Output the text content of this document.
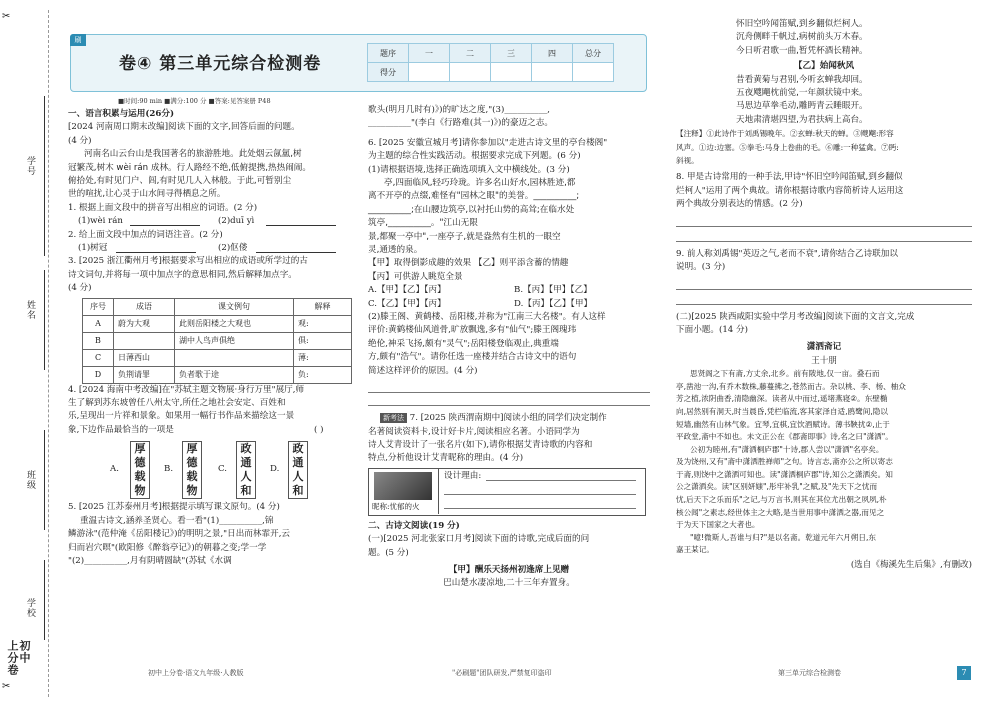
✂
✂
学号
姓名
班级
学校
初中
上分卷
刷
卷④ 第三单元综合检测卷
题序	一	二	三	四	总分
得分					
■时间:90 min ■满分:100 分 ■答案:见答案册 P48
一、语言积累与运用(26分)
[2024 河南周口期末改编]阅读下面的文字,回答后面的问题。
(4 分)
河南名山云台山是我国著名的旅游胜地。此处烟云氤氲,树
冠繁茂,树木 wèi rán 成林。行人路经不绝,低俯提携,热热闹闹。
俯拾处,有时见门户、闾,有时见几人入林般。于此,可暂别尘
世的喧扰,让心灵于山水间寻得栖息之所。
1. 根据上面文段中的拼音写出相应的词语。(2 分)
(1)wèi rán	(2)duī yì
2. 给上面文段中加点的词语注音。(2 分)
(1)树冠	(2)伛偻
3. [2025 浙江衢州月考]根据要求写出相应的成语或所学过的古
诗文词句,并将每一项中加点字的意思相同,然后解释加点字。
(4 分)
序号	成语	课文例句	解释
A	蔚为大观	此则岳阳楼之大观也	观:
B		湖中人鸟声俱绝	俱:
C	日薄西山		薄:
D	负荆请罪	负者歌于途	负:
4. [2024 海南中考改编]在"苏轼主题文物展·身行万里"展厅,师
生了解到苏东坡曾任八州太守,所任之地社会安定、百姓和
乐,呈现出一片祥和景象。如果用一幅行书作品来描绘这一景
象,下边作品最恰当的一项是	( )
A.
厚德载物
B.
厚德载物
C.
政通人和
D.
政通人和
5. [2025 江苏泰州月考]根据提示填写课文原句。(4 分)
重温古诗文,涵养圣贤心。看一看"(1)__________,锦
鳞游泳"(范仲淹《岳阳楼记》)的明明之景,"日出而林霏开,云
归而岩穴暝"(欧阳修《醉翁亭记》)的朝暮之变;学一学
"(2)__________,月有阴晴圆缺"(苏轼《水调
歌头(明月几时有)》)的旷达之度,"(3)__________,
__________"(李白《行路难(其一)》)的豪迈之志。
6. [2025 安徽宣城月考]请你参加以"走进古诗文里的亭台楼阁"
为主题的综合性实践活动。根据要求完成下列题。(6 分)
(1)请根据语境,选择正确选项填入文中横线处。(3 分)
亭,四面临风,轻巧玲珑。许多名山好水,园林胜迹,都
离不开亭的点缀,难怪有"园林之眼"的美誉。__________;
__________;在山腰边筑亭,以衬托山势的高耸;在临水处
筑亭,__________。"江山无限
景,都聚一亭中",一座亭子,就是盎然有生机的一眼空
灵,通透的泉。
【甲】取得倒影成趣的效果 【乙】则平添含蓄的情趣
【丙】可供游人眺览全景
A.【甲】【乙】【丙】	B.【丙】【甲】【乙】
C.【乙】【甲】【丙】	D.【丙】【乙】【甲】
(2)滕王阁、黄鹤楼、岳阳楼,并称为"江南三大名楼"。有人这样
评价:黄鹤楼仙风道骨,旷放飘逸,多有"仙气";滕王阁瑰玮
绝伦,神采飞扬,颇有"灵气";岳阳楼登临观止,典重端
方,颇有"浩气"。请你任选一座楼并结合古诗文中的语句
简述这样评价的原因。(4 分)
新考法 7. [2025 陕西渭南期中]阅读小组的同学们决定制作
名著阅读资料卡,设计好卡片,阅读相应名著。小语同学为
诗人艾青设计了一张名片(如下),请你根据艾青诗歌的内容和
特点,分析他设计艾青昵称的理由。(4 分)
昵称:忧郁的火
设计理由:
二、古诗文阅读(19 分)
(一)[2025 河北张家口月考]阅读下面的诗歌,完成后面的问
题。(5 分)
【甲】酬乐天扬州初逢席上见赠
巴山楚水凄凉地,二十三年弃置身。
怀旧空吟闻笛赋,到乡翻似烂柯人。
沉舟侧畔千帆过,病树前头万木春。
今日听君歌一曲,暂凭杯酒长精神。
【乙】始闻秋风
昔看黄菊与君别,今听玄蝉我却回。
五夜飕飗枕前觉,一年颜状镜中来。
马思边草拳毛动,雕眄青云睡眼开。
天地肃清堪四望,为君扶病上高台。
【注释】①此诗作于刘禹锡晚年。②玄蝉:秋天的蝉。③飕飗:形容
风声。①边:边塞。⑤拳毛:马身上卷曲的毛。⑥雕:一种猛禽。⑦眄:
斜视。
8. 甲是古诗常用的一种手法,甲诗"怀旧空吟闻笛赋,到乡翻似
烂柯人"运用了两个典故。请你根据诗歌内容简析诗人运用这
两个典故分别表达的情感。(2 分)
9. 前人称刘禹锡"英迈之气,老而不衰",请你结合乙诗联加以
说明。(3 分)
(二)[2025 陕西咸阳实验中学月考改编]阅读下面的文言文,完成
下面小题。(14 分)
潇洒斋记
王十朋
思贤阁之下有斋,方丈余,北乡。前有陂地,仅一亩。叠石而
亭,凿池一沟,有乔木数株,藤蔓拂之,苍然而古。杂以桃、李、杨、柚众
芳之植,浓阴曲香,清隐幽深。读者从中而过,遥堵燕寝②。东壁椭
向,居然别有洞天,时当晨昏,凭栏临流,客其家泽自适,鸥鹭间,隐以
短墙,幽然有山林气象。宜琴,宜棋,宜饮酒赋诗。薄书鞅扰②,止于
平政堂,斋中不如也。未文正公在《郡斋即事》诗,名之曰"潇洒"。
公初为睦州,有"潇洒桐庐郡"十诗,郡人尝以"潇洒"名亭矣。
及为饶州,又有"斋中潇洒胜禅师"之句。诗言志,斋亦公之所以寄志
于斋,则饶中之潇洒可知也。读"潇洒桐庐郡"诗,知公之潇洒矣。知
公之潇洒矣。读"区别妍媸",彤牢补乳"之赋,及"先天下之忧而
忧,后天下之乐而乐"之记,与万言书,则其在其位尤出朝之夙夙,朴
核公闻"之素志,经世体主之大略,是当世用事中潇洒之器,而见之
于为天下国家之大者也。
"噫!微斯人,吾谁与归?"是以名斋。乾道元年六月朔日,东
嘉王某记。
(选自《梅溪先生后集》,有删改)
初中上分卷·语文九年级·人教版	"必刷题"团队研发,严禁复印盗印	第三单元综合检测卷	7
